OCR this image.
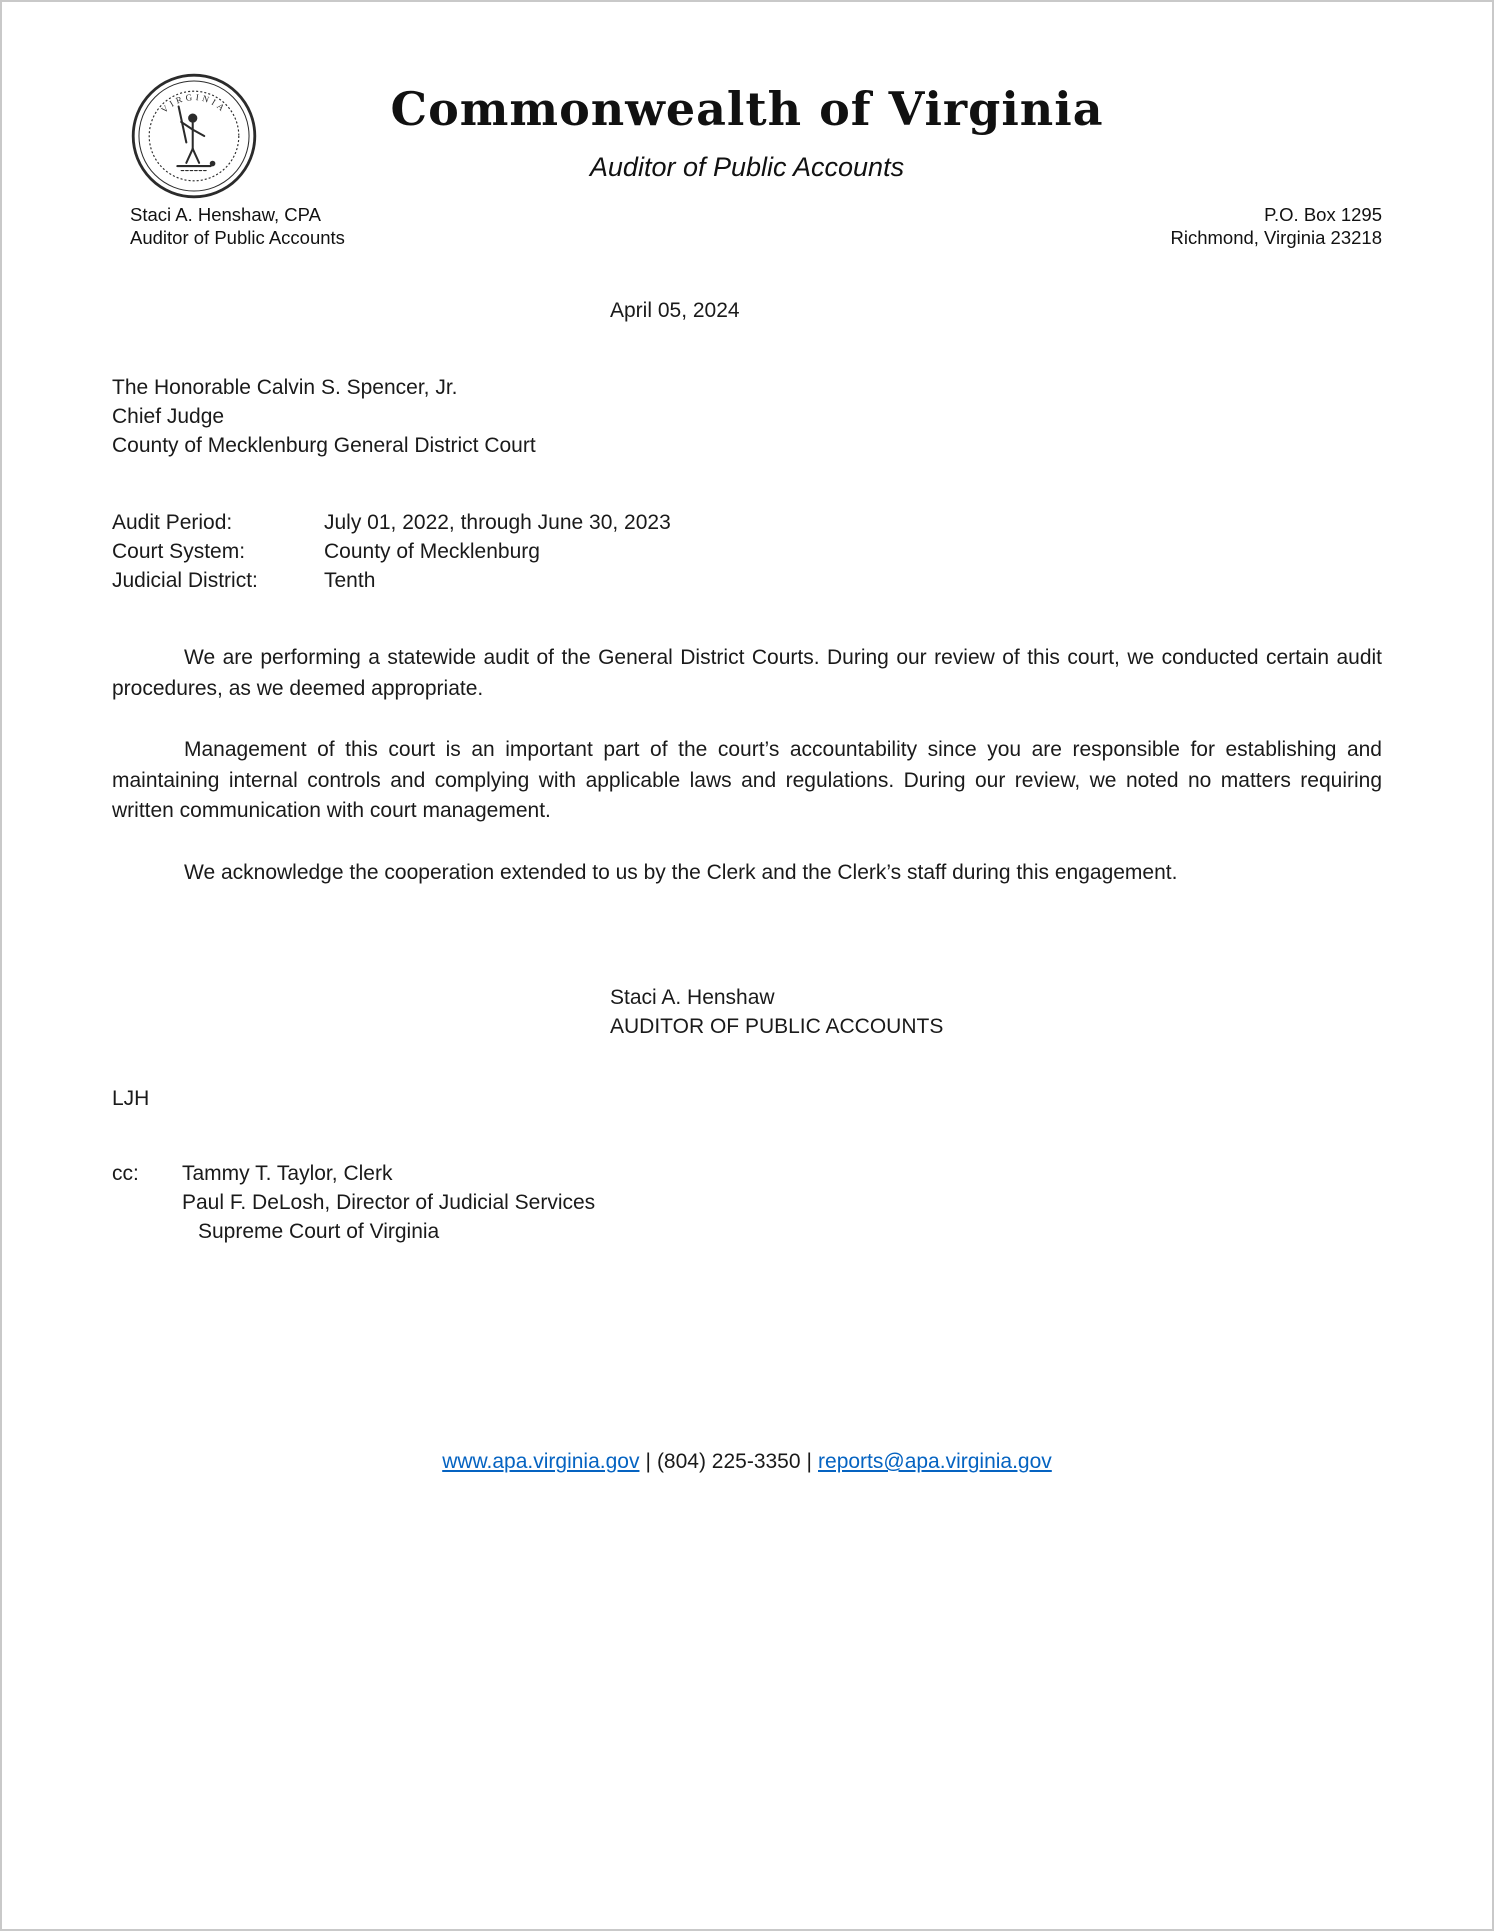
VIRGINIA	Commonwealth of Virginia
Auditor of Public Accounts
Staci A. Henshaw, CPA
Auditor of Public Accounts
P.O. Box 1295
Richmond, Virginia 23218
April 05, 2024
The Honorable Calvin S. Spencer, Jr.
Chief Judge
County of Mecklenburg General District Court
Audit Period:	July 01, 2022, through June 30, 2023
Court System:	County of Mecklenburg
Judicial District:	Tenth

We are performing a statewide audit of the General District Courts. During our review of this court, we conducted certain audit procedures, as we deemed appropriate.

Management of this court is an important part of the court’s accountability since you are responsible for establishing and maintaining internal controls and complying with applicable laws and regulations. During our review, we noted no matters requiring written communication with court management.

We acknowledge the cooperation extended to us by the Clerk and the Clerk’s staff during this engagement.

Staci A. Henshaw
AUDITOR OF PUBLIC ACCOUNTS
LJH
cc:	Tammy T. Taylor, Clerk
Paul F. DeLosh, Director of Judicial Services
Supreme Court of Virginia
www.apa.virginia.gov | (804) 225-3350 | reports@apa.virginia.gov
